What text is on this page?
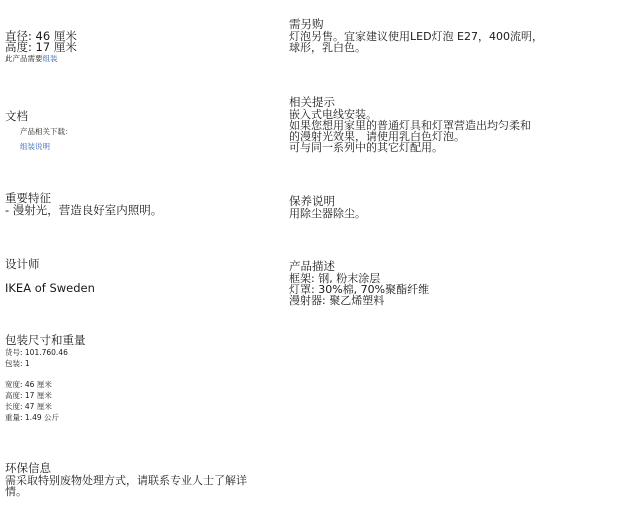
直径: 46 厘米
高度: 17 厘米
此产品需要组装
文档
产品相关下载：
组装说明
重要特征
- 漫射光，营造良好室内照明。
设计师
IKEA of Sweden
包装尺寸和重量
货号: 101.760.46
包装: 1
宽度: 46 厘米
高度: 17 厘米
长度: 47 厘米
重量: 1.49 公斤
环保信息
需采取特别废物处理方式，请联系专业人士了解详
情。
需另购
灯泡另售。宜家建议使用LED灯泡 E27，400流明，
球形，乳白色。
相关提示
嵌入式电线安装。
如果您想用家里的普通灯具和灯罩营造出均匀柔和
的漫射光效果，请使用乳白色灯泡。
可与同一系列中的其它灯配用。
保养说明
用除尘器除尘。
产品描述
框架: 钢, 粉末涂层
灯罩: 30%棉, 70%聚酯纤维
漫射器: 聚乙烯塑料
